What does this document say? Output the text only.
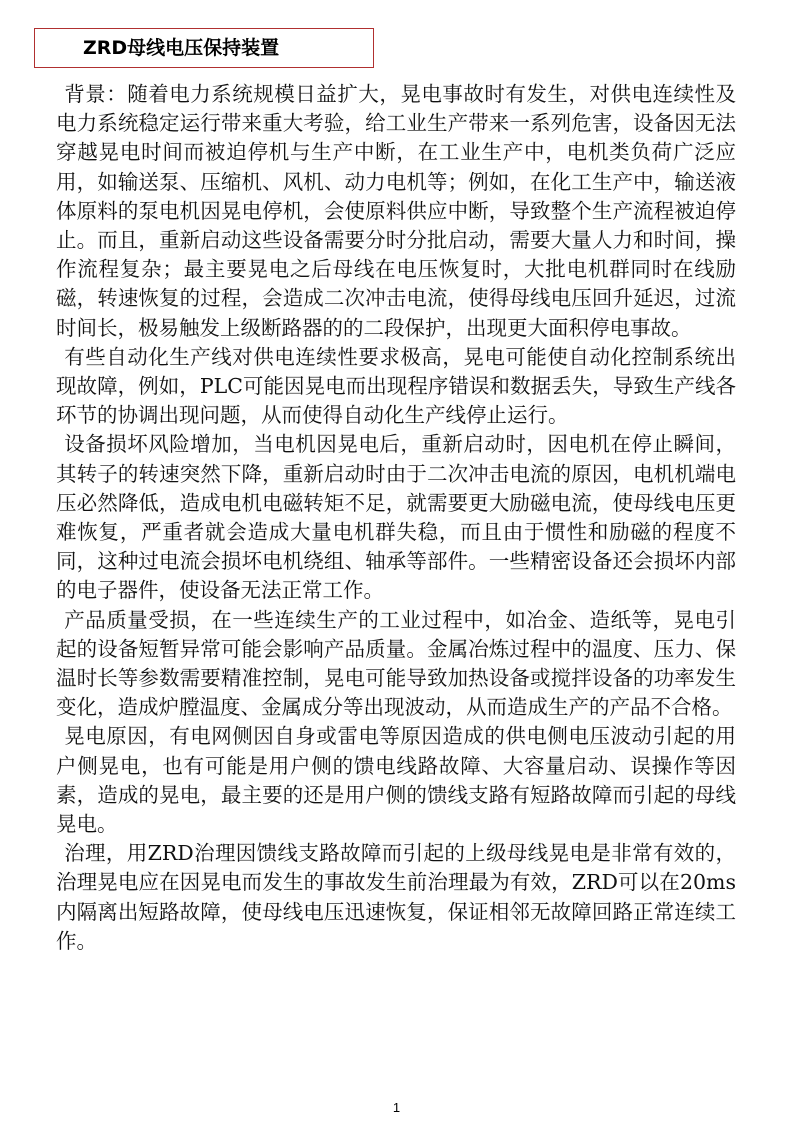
ZRD母线电压保持装置

背景：随着电力系统规模日益扩大，晃电事故时有发生，对供电连续性及电力系统稳定运行带来重大考验，给工业生产带来一系列危害，设备因无法穿越晃电时间而被迫停机与生产中断，在工业生产中，电机类负荷广泛应用，如输送泵、压缩机、风机、动力电机等；例如，在化工生产中，输送液体原料的泵电机因晃电停机，会使原料供应中断，导致整个生产流程被迫停止。而且，重新启动这些设备需要分时分批启动，需要大量人力和时间，操作流程复杂；最主要晃电之后母线在电压恢复时，大批电机群同时在线励磁，转速恢复的过程，会造成二次冲击电流，使得母线电压回升延迟，过流时间长，极易触发上级断路器的的二段保护，出现更大面积停电事故。

有些自动化生产线对供电连续性要求极高，晃电可能使自动化控制系统出现故障，例如，PLC可能因晃电而出现程序错误和数据丢失，导致生产线各环节的协调出现问题，从而使得自动化生产线停止运行。

设备损坏风险增加，当电机因晃电后，重新启动时，因电机在停止瞬间，其转子的转速突然下降，重新启动时由于二次冲击电流的原因，电机机端电压必然降低，造成电机电磁转矩不足，就需要更大励磁电流，使母线电压更难恢复，严重者就会造成大量电机群失稳，而且由于惯性和励磁的程度不同，这种过电流会损坏电机绕组、轴承等部件。一些精密设备还会损坏内部的电子器件，使设备无法正常工作。

产品质量受损，在一些连续生产的工业过程中，如冶金、造纸等，晃电引起的设备短暂异常可能会影响产品质量。金属冶炼过程中的温度、压力、保温时长等参数需要精准控制，晃电可能导致加热设备或搅拌设备的功率发生变化，造成炉膛温度、金属成分等出现波动，从而造成生产的产品不合格。

晃电原因，有电网侧因自身或雷电等原因造成的供电侧电压波动引起的用户侧晃电，也有可能是用户侧的馈电线路故障、大容量启动、误操作等因素，造成的晃电，最主要的还是用户侧的馈线支路有短路故障而引起的母线晃电。

治理，用ZRD治理因馈线支路故障而引起的上级母线晃电是非常有效的，治理晃电应在因晃电而发生的事故发生前治理最为有效，ZRD可以在20ms内隔离出短路故障，使母线电压迅速恢复，保证相邻无故障回路正常连续工作。

1
